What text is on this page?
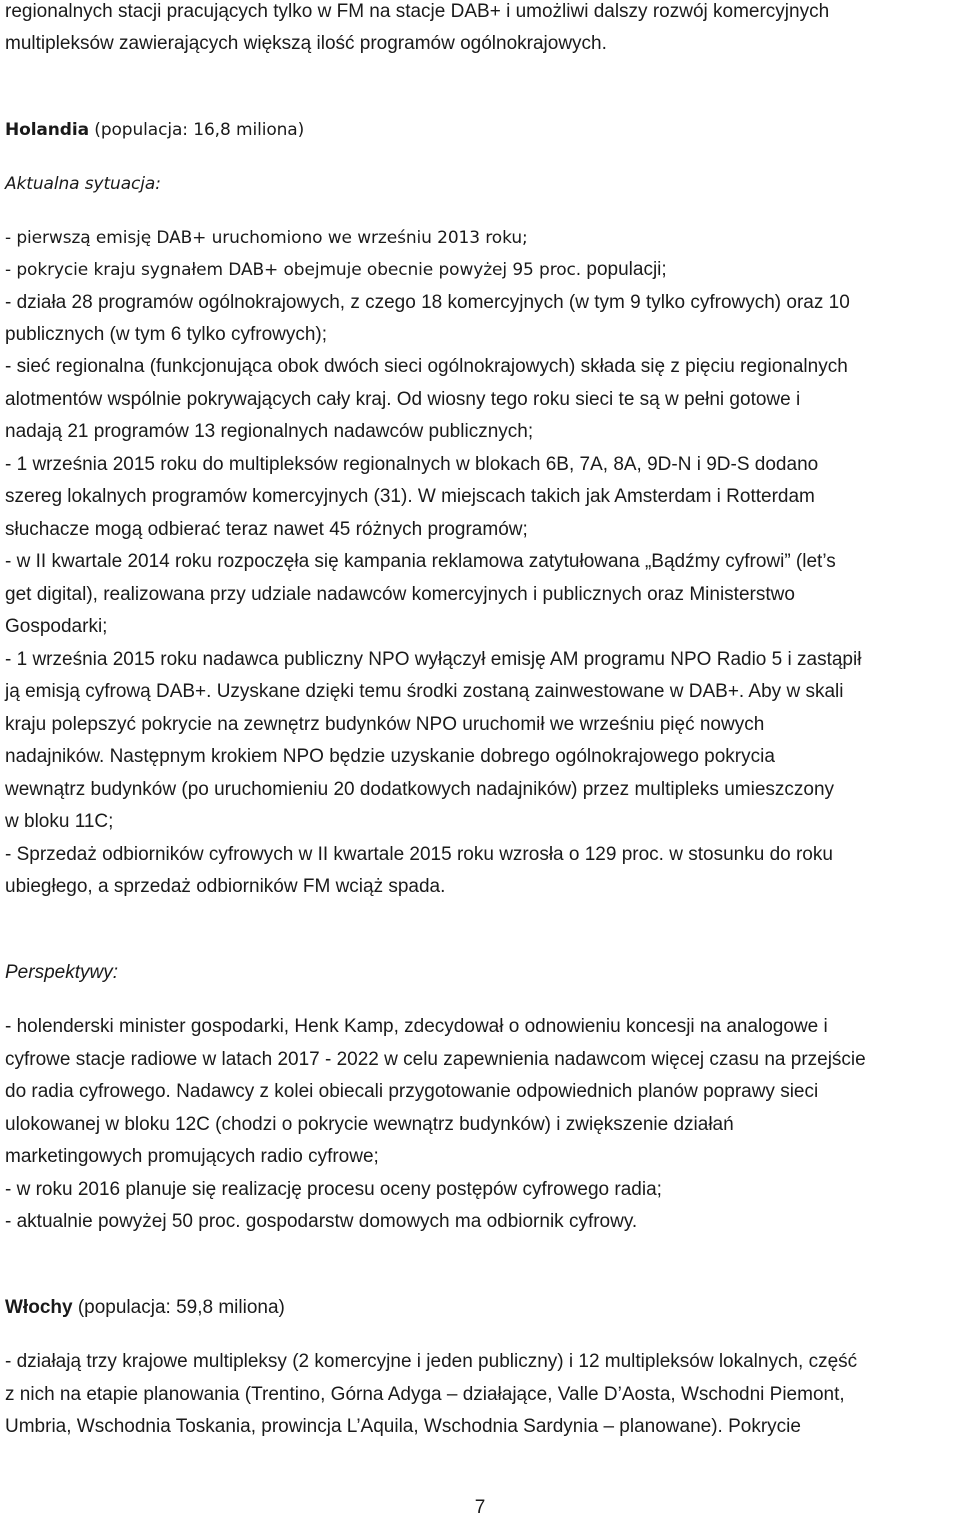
regionalnych stacji pracujących tylko w FM na stacje DAB+ i umożliwi dalszy rozwój komercyjnych
multipleksów zawierających większą ilość programów ogólnokrajowych.
Holandia (populacja: 16,8 miliona)
Aktualna sytuacja:
- pierwszą emisję DAB+ uruchomiono we wrześniu 2013 roku;
- pokrycie kraju sygnałem DAB+ obejmuje obecnie powyżej 95 proc. populacji;
- działa 28 programów ogólnokrajowych, z czego 18 komercyjnych (w tym 9 tylko cyfrowych) oraz 10
publicznych (w tym 6 tylko cyfrowych);
- sieć regionalna (funkcjonująca obok dwóch sieci ogólnokrajowych) składa się z pięciu regionalnych
alotmentów wspólnie pokrywających cały kraj. Od wiosny tego roku sieci te są w pełni gotowe i
nadają 21 programów 13 regionalnych nadawców publicznych;
- 1 września 2015 roku do multipleksów regionalnych w blokach 6B, 7A, 8A, 9D-N i 9D-S dodano
szereg lokalnych programów komercyjnych (31). W miejscach takich jak Amsterdam i Rotterdam
słuchacze mogą odbierać teraz nawet 45 różnych programów;
- w II kwartale 2014 roku rozpoczęła się kampania reklamowa zatytułowana „Bądźmy cyfrowi” (let’s
get digital), realizowana przy udziale nadawców komercyjnych i publicznych oraz Ministerstwo
Gospodarki;
- 1 września 2015 roku nadawca publiczny NPO wyłączył emisję AM programu NPO Radio 5 i zastąpił
ją emisją cyfrową DAB+. Uzyskane dzięki temu środki zostaną zainwestowane w DAB+. Aby w skali
kraju polepszyć pokrycie na zewnętrz budynków NPO uruchomił we wrześniu pięć nowych
nadajników. Następnym krokiem NPO będzie uzyskanie dobrego ogólnokrajowego pokrycia
wewnątrz budynków (po uruchomieniu 20 dodatkowych nadajników) przez multipleks umieszczony
w bloku 11C;
- Sprzedaż odbiorników cyfrowych w II kwartale 2015 roku wzrosła o 129 proc. w stosunku do roku
ubiegłego, a sprzedaż odbiorników FM wciąż spada.
Perspektywy:
- holenderski minister gospodarki, Henk Kamp, zdecydował o odnowieniu koncesji na analogowe i
cyfrowe stacje radiowe w latach 2017 - 2022 w celu zapewnienia nadawcom więcej czasu na przejście
do radia cyfrowego. Nadawcy z kolei obiecali przygotowanie odpowiednich planów poprawy sieci
ulokowanej w bloku 12C (chodzi o pokrycie wewnątrz budynków) i zwiększenie działań
marketingowych promujących radio cyfrowe;
- w roku 2016 planuje się realizację procesu oceny postępów cyfrowego radia;
- aktualnie powyżej 50 proc. gospodarstw domowych ma odbiornik cyfrowy.
Włochy (populacja: 59,8 miliona)
- działają trzy krajowe multipleksy (2 komercyjne i jeden publiczny) i 12 multipleksów lokalnych, część
z nich na etapie planowania (Trentino, Górna Adyga – działające, Valle D’Aosta, Wschodni Piemont,
Umbria, Wschodnia Toskania, prowincja L’Aquila, Wschodnia Sardynia – planowane). Pokrycie
7
